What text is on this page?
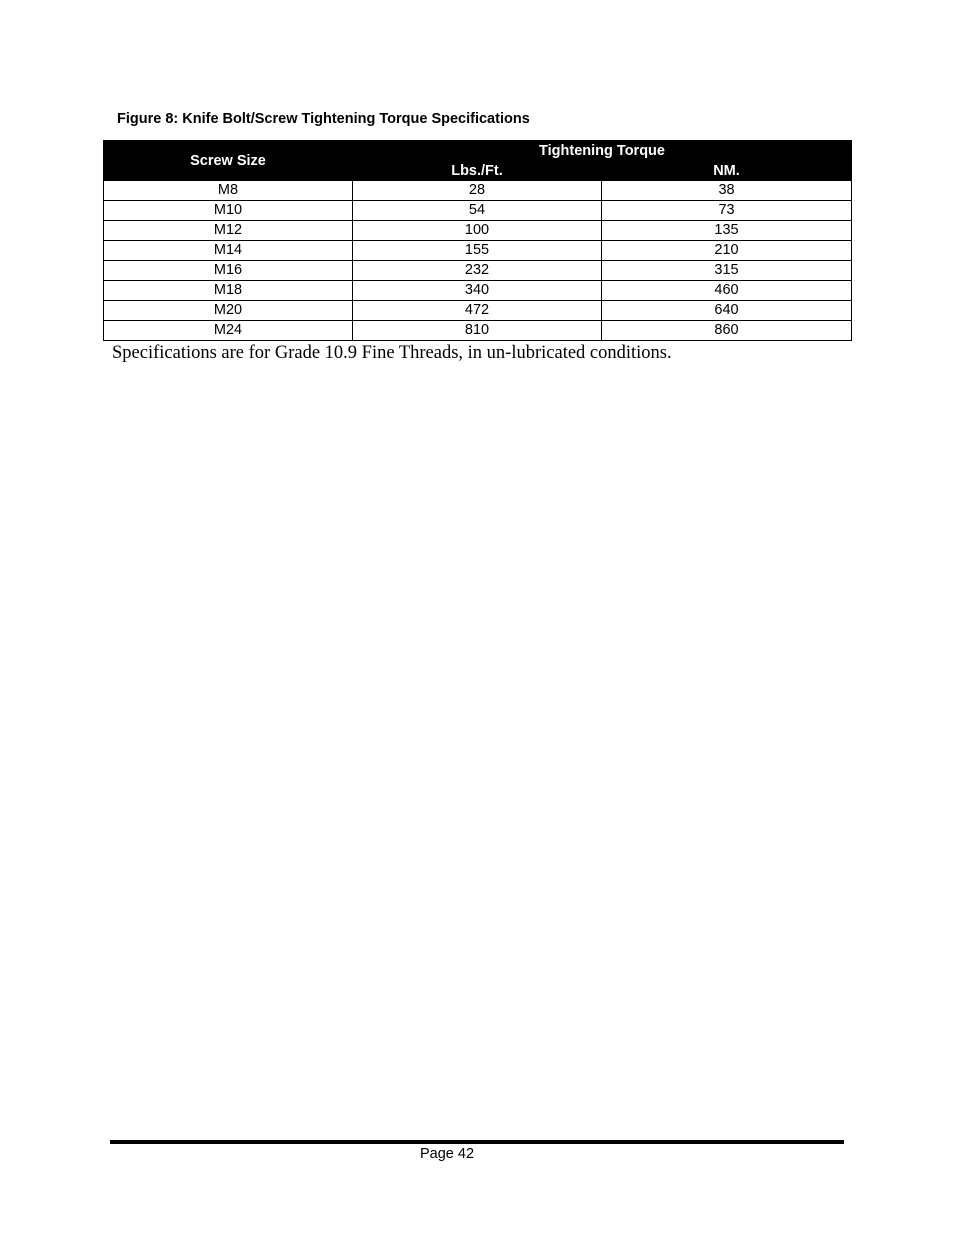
Figure 8: Knife Bolt/Screw Tightening Torque Specifications
Screw Size	Tightening Torque	
	Lbs./Ft.	NM.
M8	28	38
M10	54	73
M12	100	135
M14	155	210
M16	232	315
M18	340	460
M20	472	640
M24	810	860
Specifications are for Grade 10.9 Fine Threads, in un-lubricated conditions.
Page 42
